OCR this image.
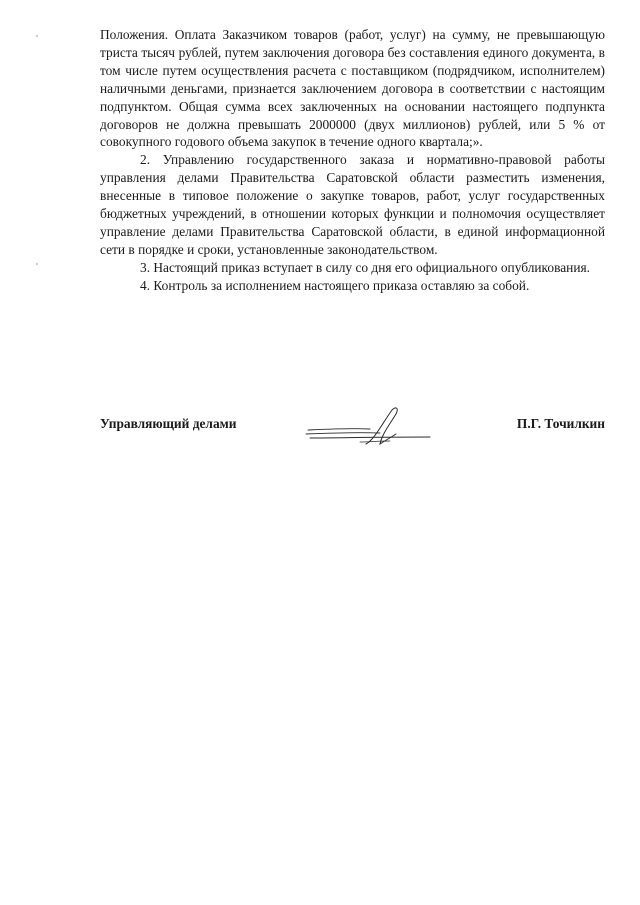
Положения. Оплата Заказчиком товаров (работ, услуг) на сумму, не превышающую триста тысяч рублей, путем заключения договора без составления единого документа, в том числе путем осуществления расчета с поставщиком (подрядчиком, исполнителем) наличными деньгами, признается заключением договора в соответствии с настоящим подпунктом. Общая сумма всех заключенных на основании настоящего подпункта договоров не должна превышать 2000000 (двух миллионов) рублей, или 5 % от совокупного годового объема закупок в течение одного квартала;».

2. Управлению государственного заказа и нормативно-правовой работы управления делами Правительства Саратовской области разместить изменения, внесенные в типовое положение о закупке товаров, работ, услуг государственных бюджетных учреждений, в отношении которых функции и полномочия осуществляет управление делами Правительства Саратовской области, в единой информационной сети в порядке и сроки, установленные законодательством.

3. Настоящий приказ вступает в силу со дня его официального опубликования.

4. Контроль за исполнением настоящего приказа оставляю за собой.

Управляющий делами	П.Г. Точилкин
